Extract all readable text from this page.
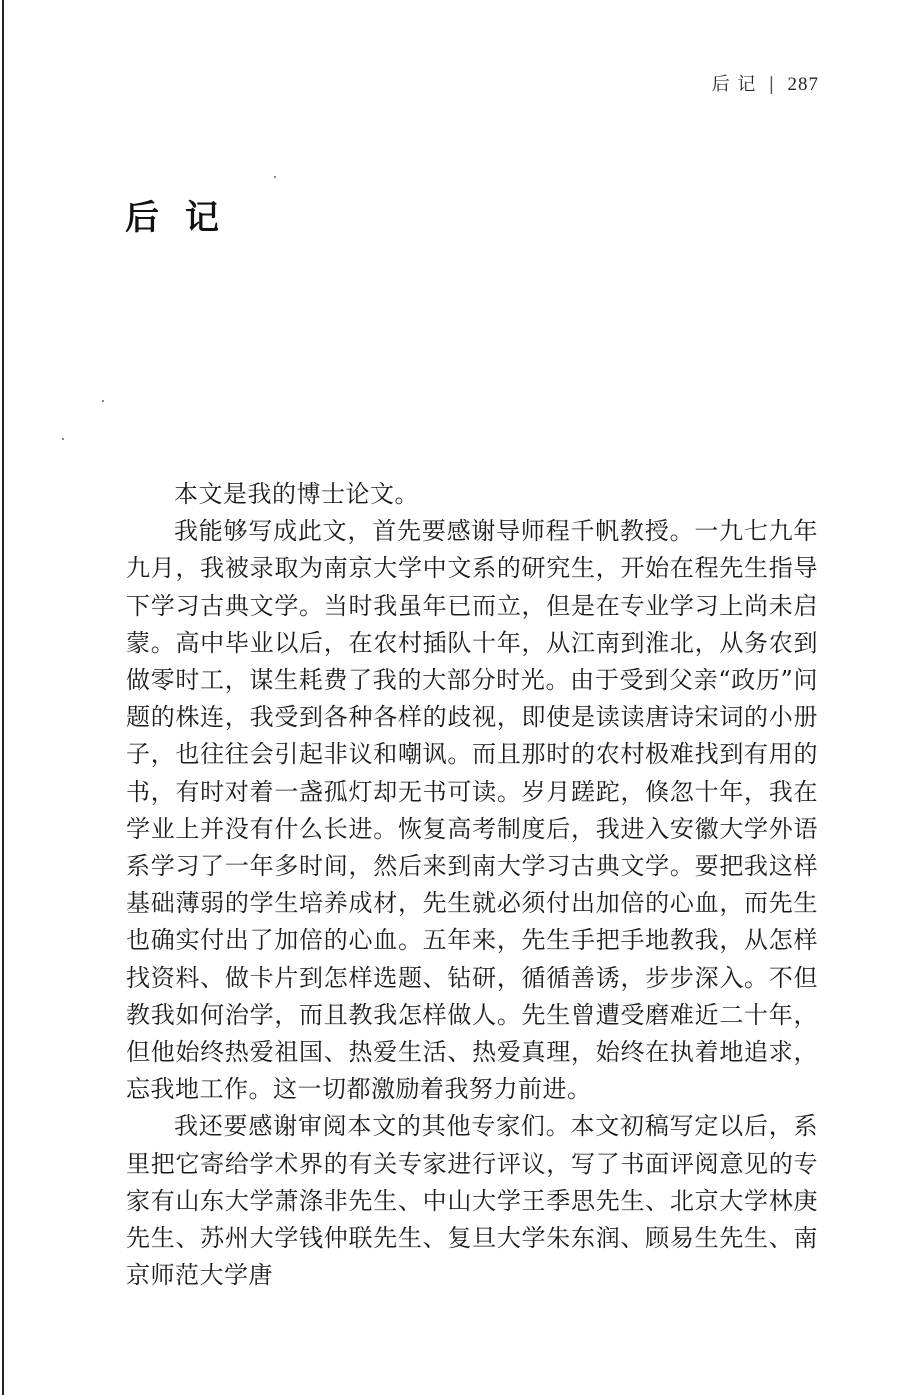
后 记 | 287
后记

本文是我的博士论文。

我能够写成此文，首先要感谢导师程千帆教授。一九七九年九月，我被录取为南京大学中文系的研究生，开始在程先生指导下学习古典文学。当时我虽年已而立，但是在专业学习上尚未启蒙。高中毕业以后，在农村插队十年，从江南到淮北，从务农到做零时工，谋生耗费了我的大部分时光。由于受到父亲“政历”问题的株连，我受到各种各样的歧视，即使是读读唐诗宋词的小册子，也往往会引起非议和嘲讽。而且那时的农村极难找到有用的书，有时对着一盏孤灯却无书可读。岁月蹉跎，倏忽十年，我在学业上并没有什么长进。恢复高考制度后，我进入安徽大学外语系学习了一年多时间，然后来到南大学习古典文学。要把我这样基础薄弱的学生培养成材，先生就必须付出加倍的心血，而先生也确实付出了加倍的心血。五年来，先生手把手地教我，从怎样找资料、做卡片到怎样选题、钻研，循循善诱，步步深入。不但教我如何治学，而且教我怎样做人。先生曾遭受磨难近二十年，但他始终热爱祖国、热爱生活、热爱真理，始终在执着地追求，忘我地工作。这一切都激励着我努力前进。

我还要感谢审阅本文的其他专家们。本文初稿写定以后，系里把它寄给学术界的有关专家进行评议，写了书面评阅意见的专家有山东大学萧涤非先生、中山大学王季思先生、北京大学林庚先生、苏州大学钱仲联先生、复旦大学朱东润、顾易生先生、南京师范大学唐
